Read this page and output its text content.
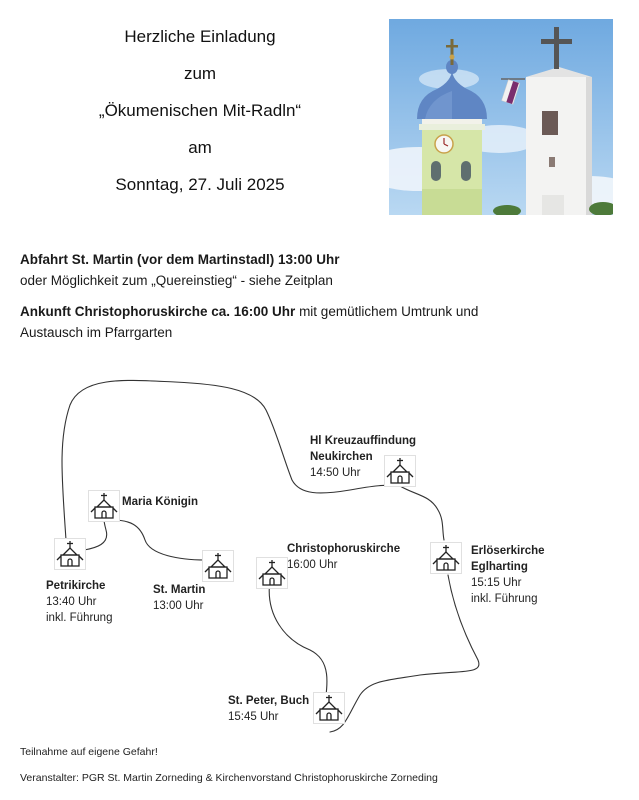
Herzliche Einladung
zum
„Ökumenischen Mit-Radln“
am
Sonntag, 27. Juli 2025
Abfahrt St. Martin (vor dem Martinstadl) 13:00 Uhr
oder Möglichkeit zum „Quereinstieg“ - siehe Zeitplan
Ankunft Christophoruskirche ca. 16:00 Uhr mit gemütlichem Umtrunk und
Austausch im Pfarrgarten
Maria Königin
Petrikirche
13:40 Uhr
inkl. Führung
St. Martin
13:00 Uhr
Christophoruskirche
16:00 Uhr
Hl Kreuzauffindung
Neukirchen
14:50 Uhr
Erlöserkirche
Eglharting
15:15 Uhr
inkl. Führung
St. Peter, Buch
15:45 Uhr
Teilnahme auf eigene Gefahr!
Veranstalter: PGR St. Martin Zorneding & Kirchenvorstand Christophoruskirche Zorneding
